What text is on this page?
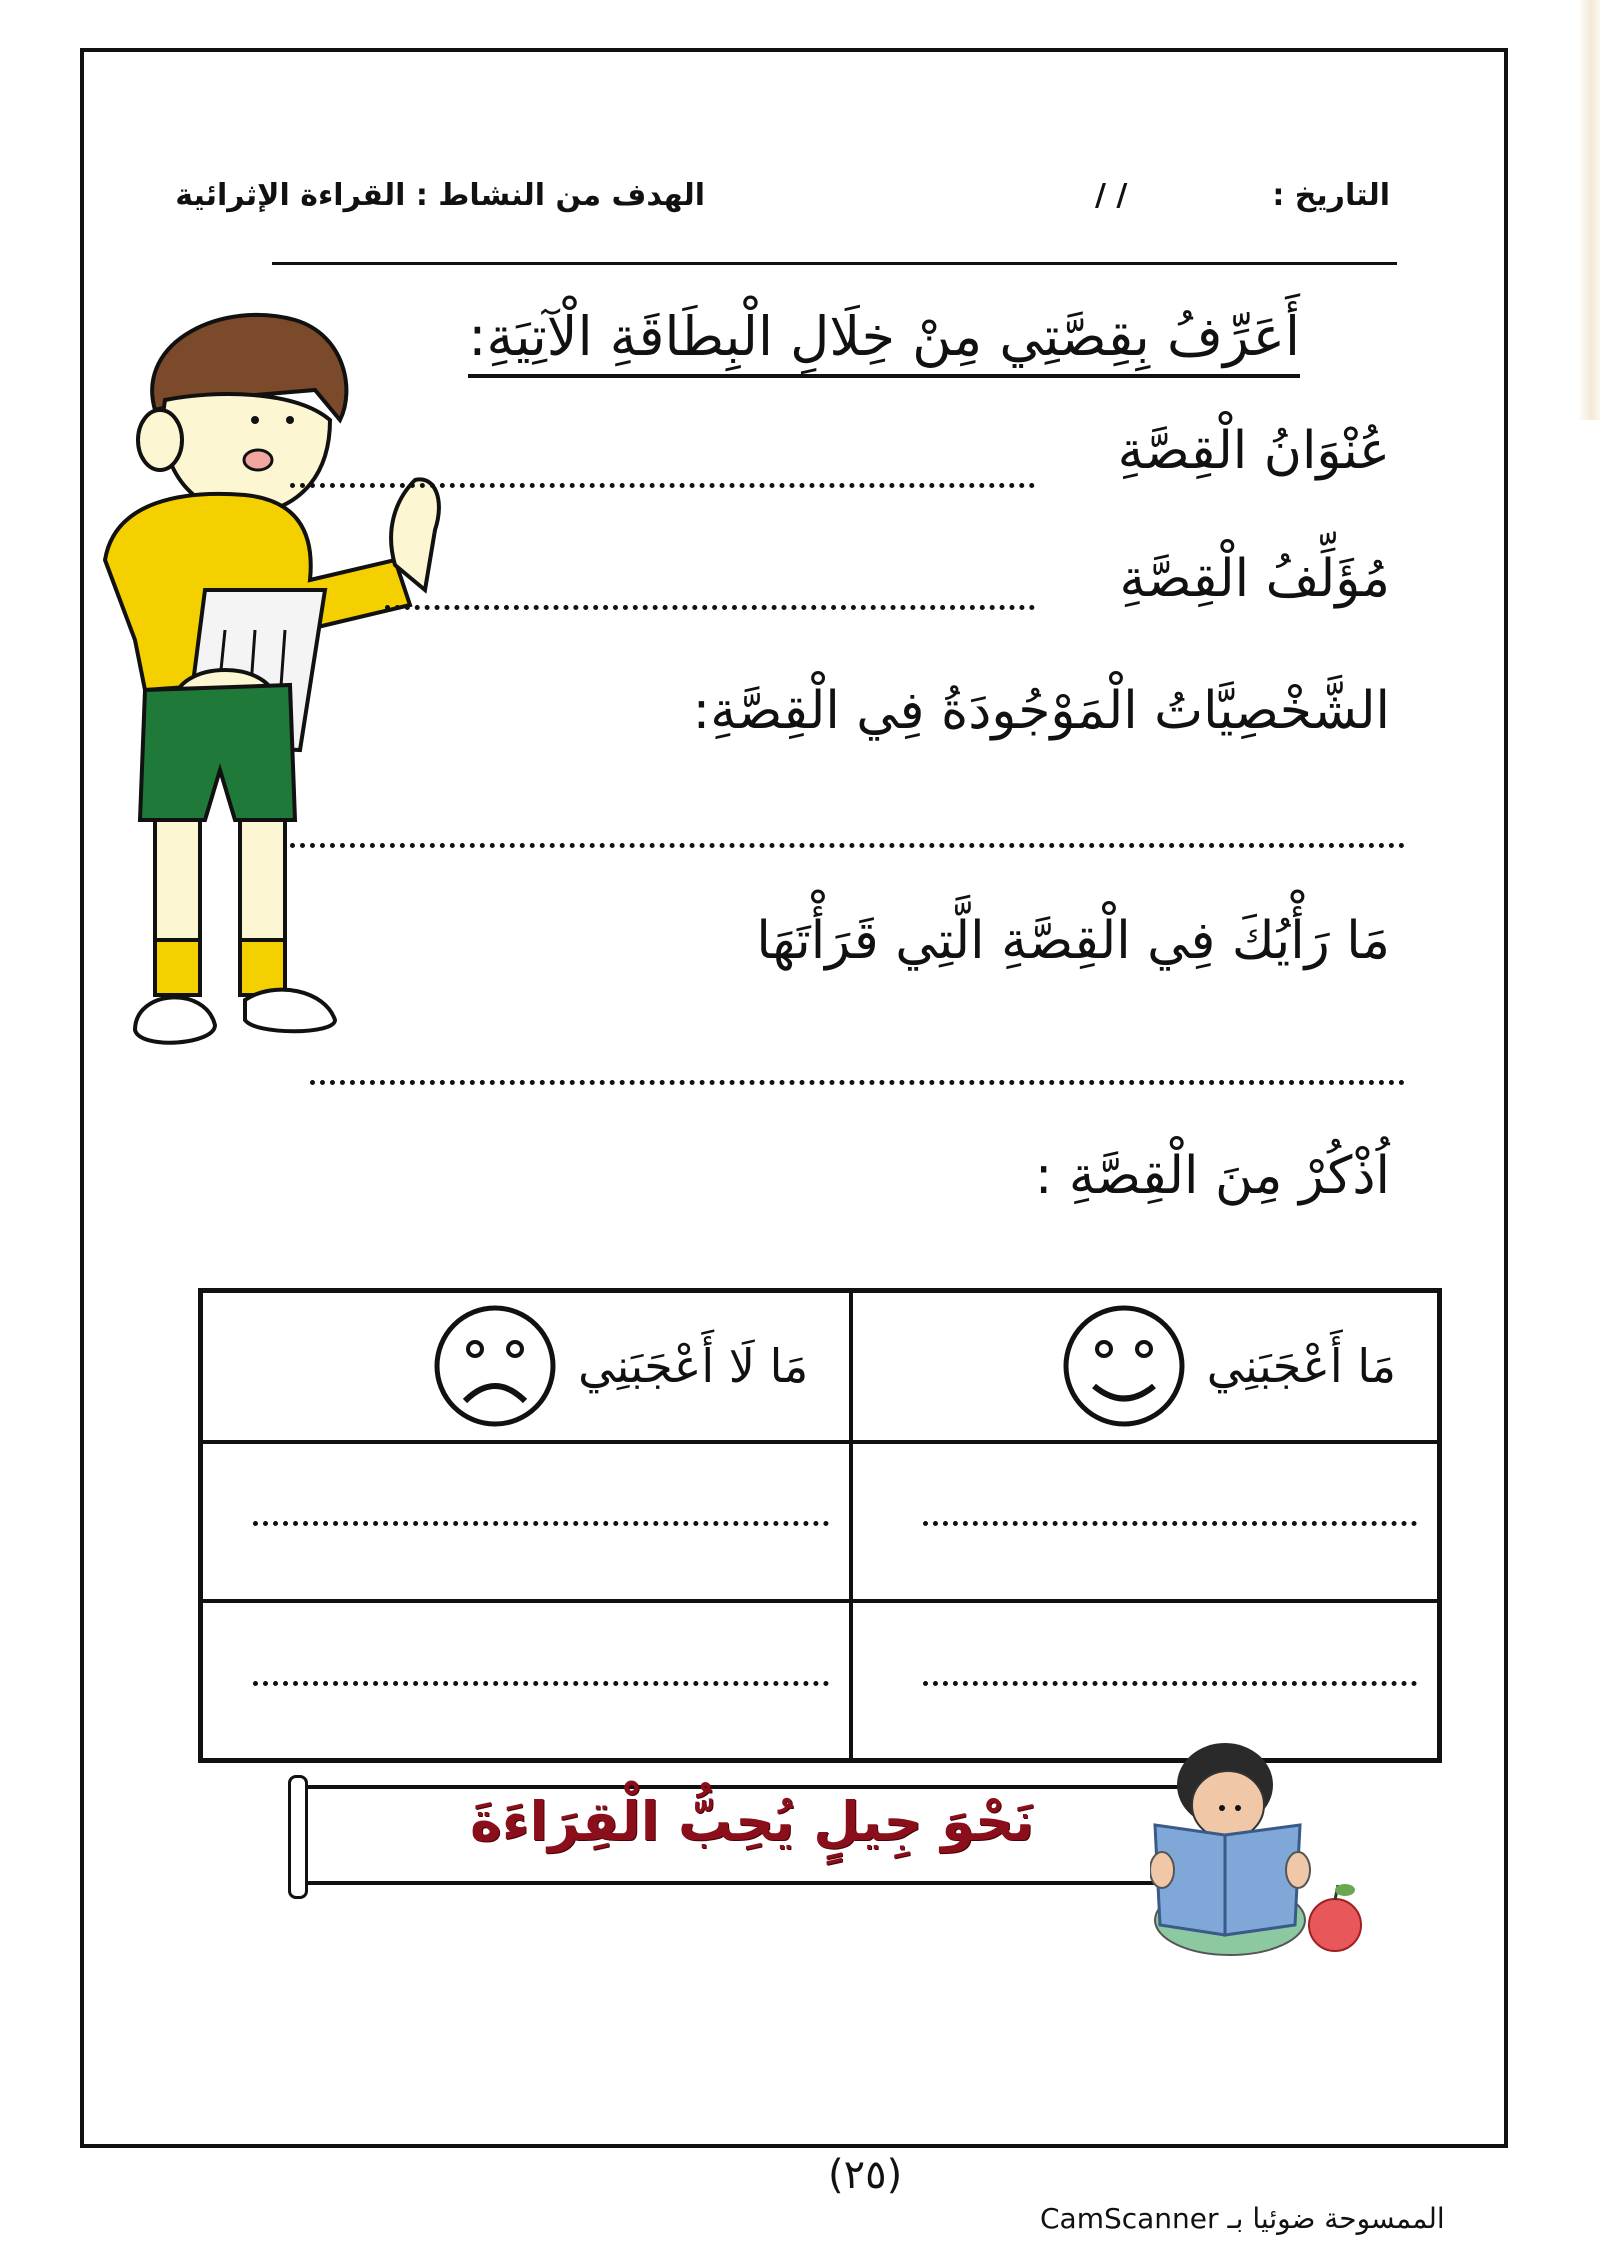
التاريخ :
/ /
الهدف من النشاط : القراءة الإثرائية
أَعَرِّفُ بِقِصَّتِي مِنْ خِلَالِ الْبِطَاقَةِ الْآتِيَةِ:
عُنْوَانُ الْقِصَّةِ
مُؤَلِّفُ الْقِصَّةِ
الشَّخْصِيَّاتُ الْمَوْجُودَةُ فِي الْقِصَّةِ:
مَا رَأْيُكَ فِي الْقِصَّةِ الَّتِي قَرَأْتَهَا
اُذْكُرْ مِنَ الْقِصَّةِ :
مَا لَا أَعْجَبَنِي	مَا أَعْجَبَنِي

نَحْوَ جِيلٍ يُحِبُّ الْقِرَاءَةَ
(٢٥)
الممسوحة ضوئيا بـ CamScanner
